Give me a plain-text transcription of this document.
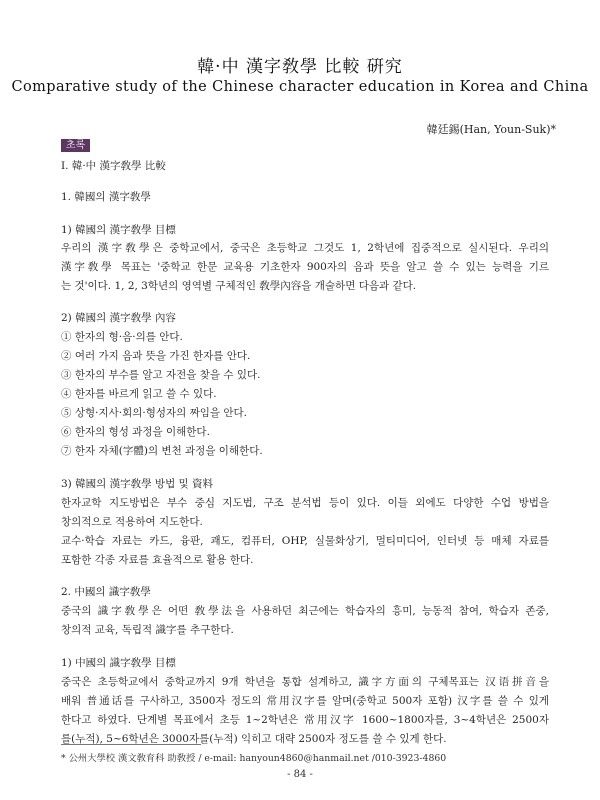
韓·中 漢字敎學 比較 硏究
Comparative study of the Chinese character education in Korea and China
韓廷錫(Han, Youn-Suk)*
초록
Ⅰ. 韓·中 漢字敎學 比較
1. 韓國의 漢字敎學
1) 韓國의 漢字敎學 目標
우리의 漢字敎學은 중학교에서, 중국은 초등학교 그것도 1, 2학년에 집중적으로 실시된다. 우리의
漢字敎學 목표는 '중학교 한문 교육용 기초한자 900자의 음과 뜻을 알고 쓸 수 있는 능력을 기르
는 것'이다. 1, 2, 3학년의 영역별 구체적인 敎學內容을 개술하면 다음과 같다.
2) 韓國의 漢字敎學 內容
① 한자의 형·음·의를 안다.
② 여러 가지 음과 뜻을 가진 한자를 안다.
③ 한자의 부수를 알고 자전을 찾을 수 있다.
④ 한자를 바르게 읽고 쓸 수 있다.
⑤ 상형·지사·회의·형성자의 짜임을 안다.
⑥ 한자의 형성 과정을 이해한다.
⑦ 한자 자체(字體)의 변천 과정을 이해한다.
3) 韓國의 漢字敎學 방법 및 資料
한자교학 지도방법은 부수 중심 지도법, 구조 분석법 등이 있다. 이들 외에도 다양한 수업 방법을
창의적으로 적용하여 지도한다.
교수·학습 자료는 카드, 융판, 괘도, 컴퓨터, OHP, 실물화상기, 멀티미디어, 인터넷 등 매체 자료를
포함한 각종 자료를 효율적으로 활용 한다.
2. 中國의 識字敎學
중국의 識字敎學은 어떤 敎學法을 사용하던 최근에는 학습자의 흥미, 능동적 참여, 학습자 존중,
창의적 교육, 독립적 識字를 추구한다.
1) 中國의 識字敎學 目標
중국은 초등학교에서 중학교까지 9개 학년을 통합 설계하고, 識字方面의 구체목표는 汉语拼音을
배워 普通话를 구사하고, 3500자 정도의 常用汉字를 알며(중학교 500자 포함) 汉字를 쓸 수 있게
한다고 하였다. 단계별 목표에서 초등 1~2학년은 常用汉字 1600~1800자를, 3~4학년은 2500자
를(누적), 5~6학년은 3000자를(누적) 익히고 대략 2500자 정도를 쓸 수 있게 한다.
* 公州大學校 漢文敎育科 助敎授 / e-mail: hanyoun4860@hanmail.net /010-3923-4860
- 84 -
